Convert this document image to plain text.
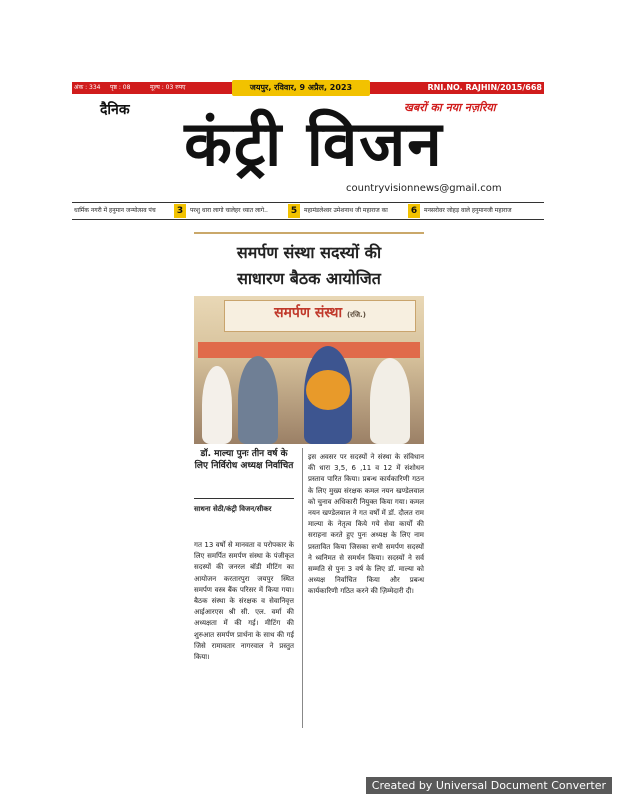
अंक : 334 पृष्ठ : 08	मूल्य : 03 रुपए	जयपुर, रविवार, 9 अप्रैल, 2023	RNI.NO. RAJHIN/2015/668
दैनिक	खबरों का नया नज़रिया
कंट्री विजन
countryvisionnews@gmail.com
धार्मिक नगरी में हनुमान जन्मोत्सव पंच	3	परशु धारा लागो चालेहर ध्यात लागे..	5	महामंडलेश्वर उमेशनाथ जी महाराज का	6	मनसरोवर जोहड़ वाले हनुमानजी महाराज
समर्पण संस्था सदस्यों की
साधारण बैठक आयोजित
समर्पण संस्था (रजि.)
डॉ. माल्या पुनः तीन वर्ष के लिए निर्विरोध अध्यक्ष निर्वाचित
साधना सेठी/कंट्री विजन/सीकर
गत 13 वर्षो से मानवता व परोपकार के लिए समर्पित समर्पण संस्था के पंजीकृत सदस्यों की जनरल बॉडी मीटिंग का आयोजन करतारपुरा जयपुर स्थित समर्पण वस्त्र बैंक परिसर में किया गया। बैठक संस्था के संरक्षक व सेवानिवृत्त आईआरएस श्री सी. एल. वर्मा की अध्यक्षता में की गई। मीटिंग की शुरुआत समर्पण प्रार्थना के साथ की गई जिसे रामावतार नागरवाल ने प्रस्तुत किया।
इस अवसर पर सदस्यों ने संस्था के संविधान की धारा 3,5, 6 ,11 व 12 में संशोधन प्रस्ताव पारित किया। प्रबन्ध कार्यकारिणी गठन के लिए मुख्य संरक्षक कमल नयन खण्डेलवाल को चुनाव अधिकारी नियुक्त किया गया। कमल नयन खण्डेलवाल ने गत वर्षों में डॉ. दौलत राम माल्या के नेतृत्व किये गये सेवा कार्यों की सराहना करते हुए पुनः अध्यक्ष के लिए नाम प्रस्तावित किया जिसका सभी समर्पण सदस्यों ने ध्वनिमत से समर्थन किया। सदस्यों ने सर्व सम्मति से पुनः 3 वर्ष के लिए डॉ. माल्या को अध्यक्ष निर्वाचित किया और प्रबन्ध कार्यकारिणी गठित करने की ज़िम्मेदारी दी।
Created by Universal Document Converter
